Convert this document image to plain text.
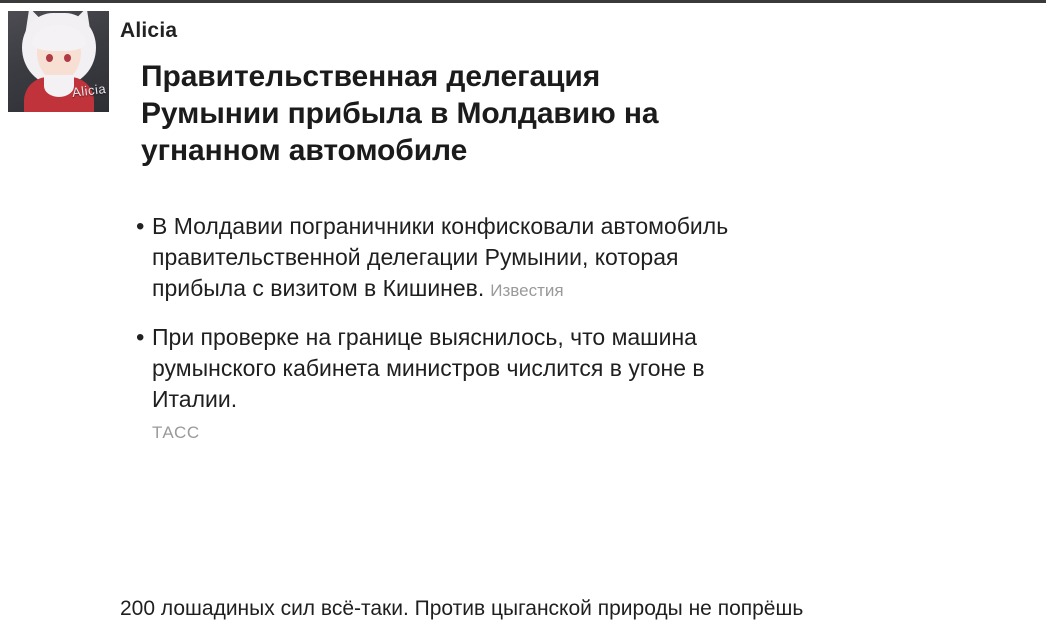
Alicia
Alicia
Правительственная делегация Румынии прибыла в Молдавию на угнанном автомобиле
• В Молдавии пограничники конфисковали автомобиль правительственной делегации Румынии, которая прибыла с визитом в Кишинев. Известия
• При проверке на границе выяснилось, что машина румынского кабинета министров числится в угоне в Италии.
ТАСС
200 лошадиных сил всё-таки. Против цыганской природы не попрёшь
